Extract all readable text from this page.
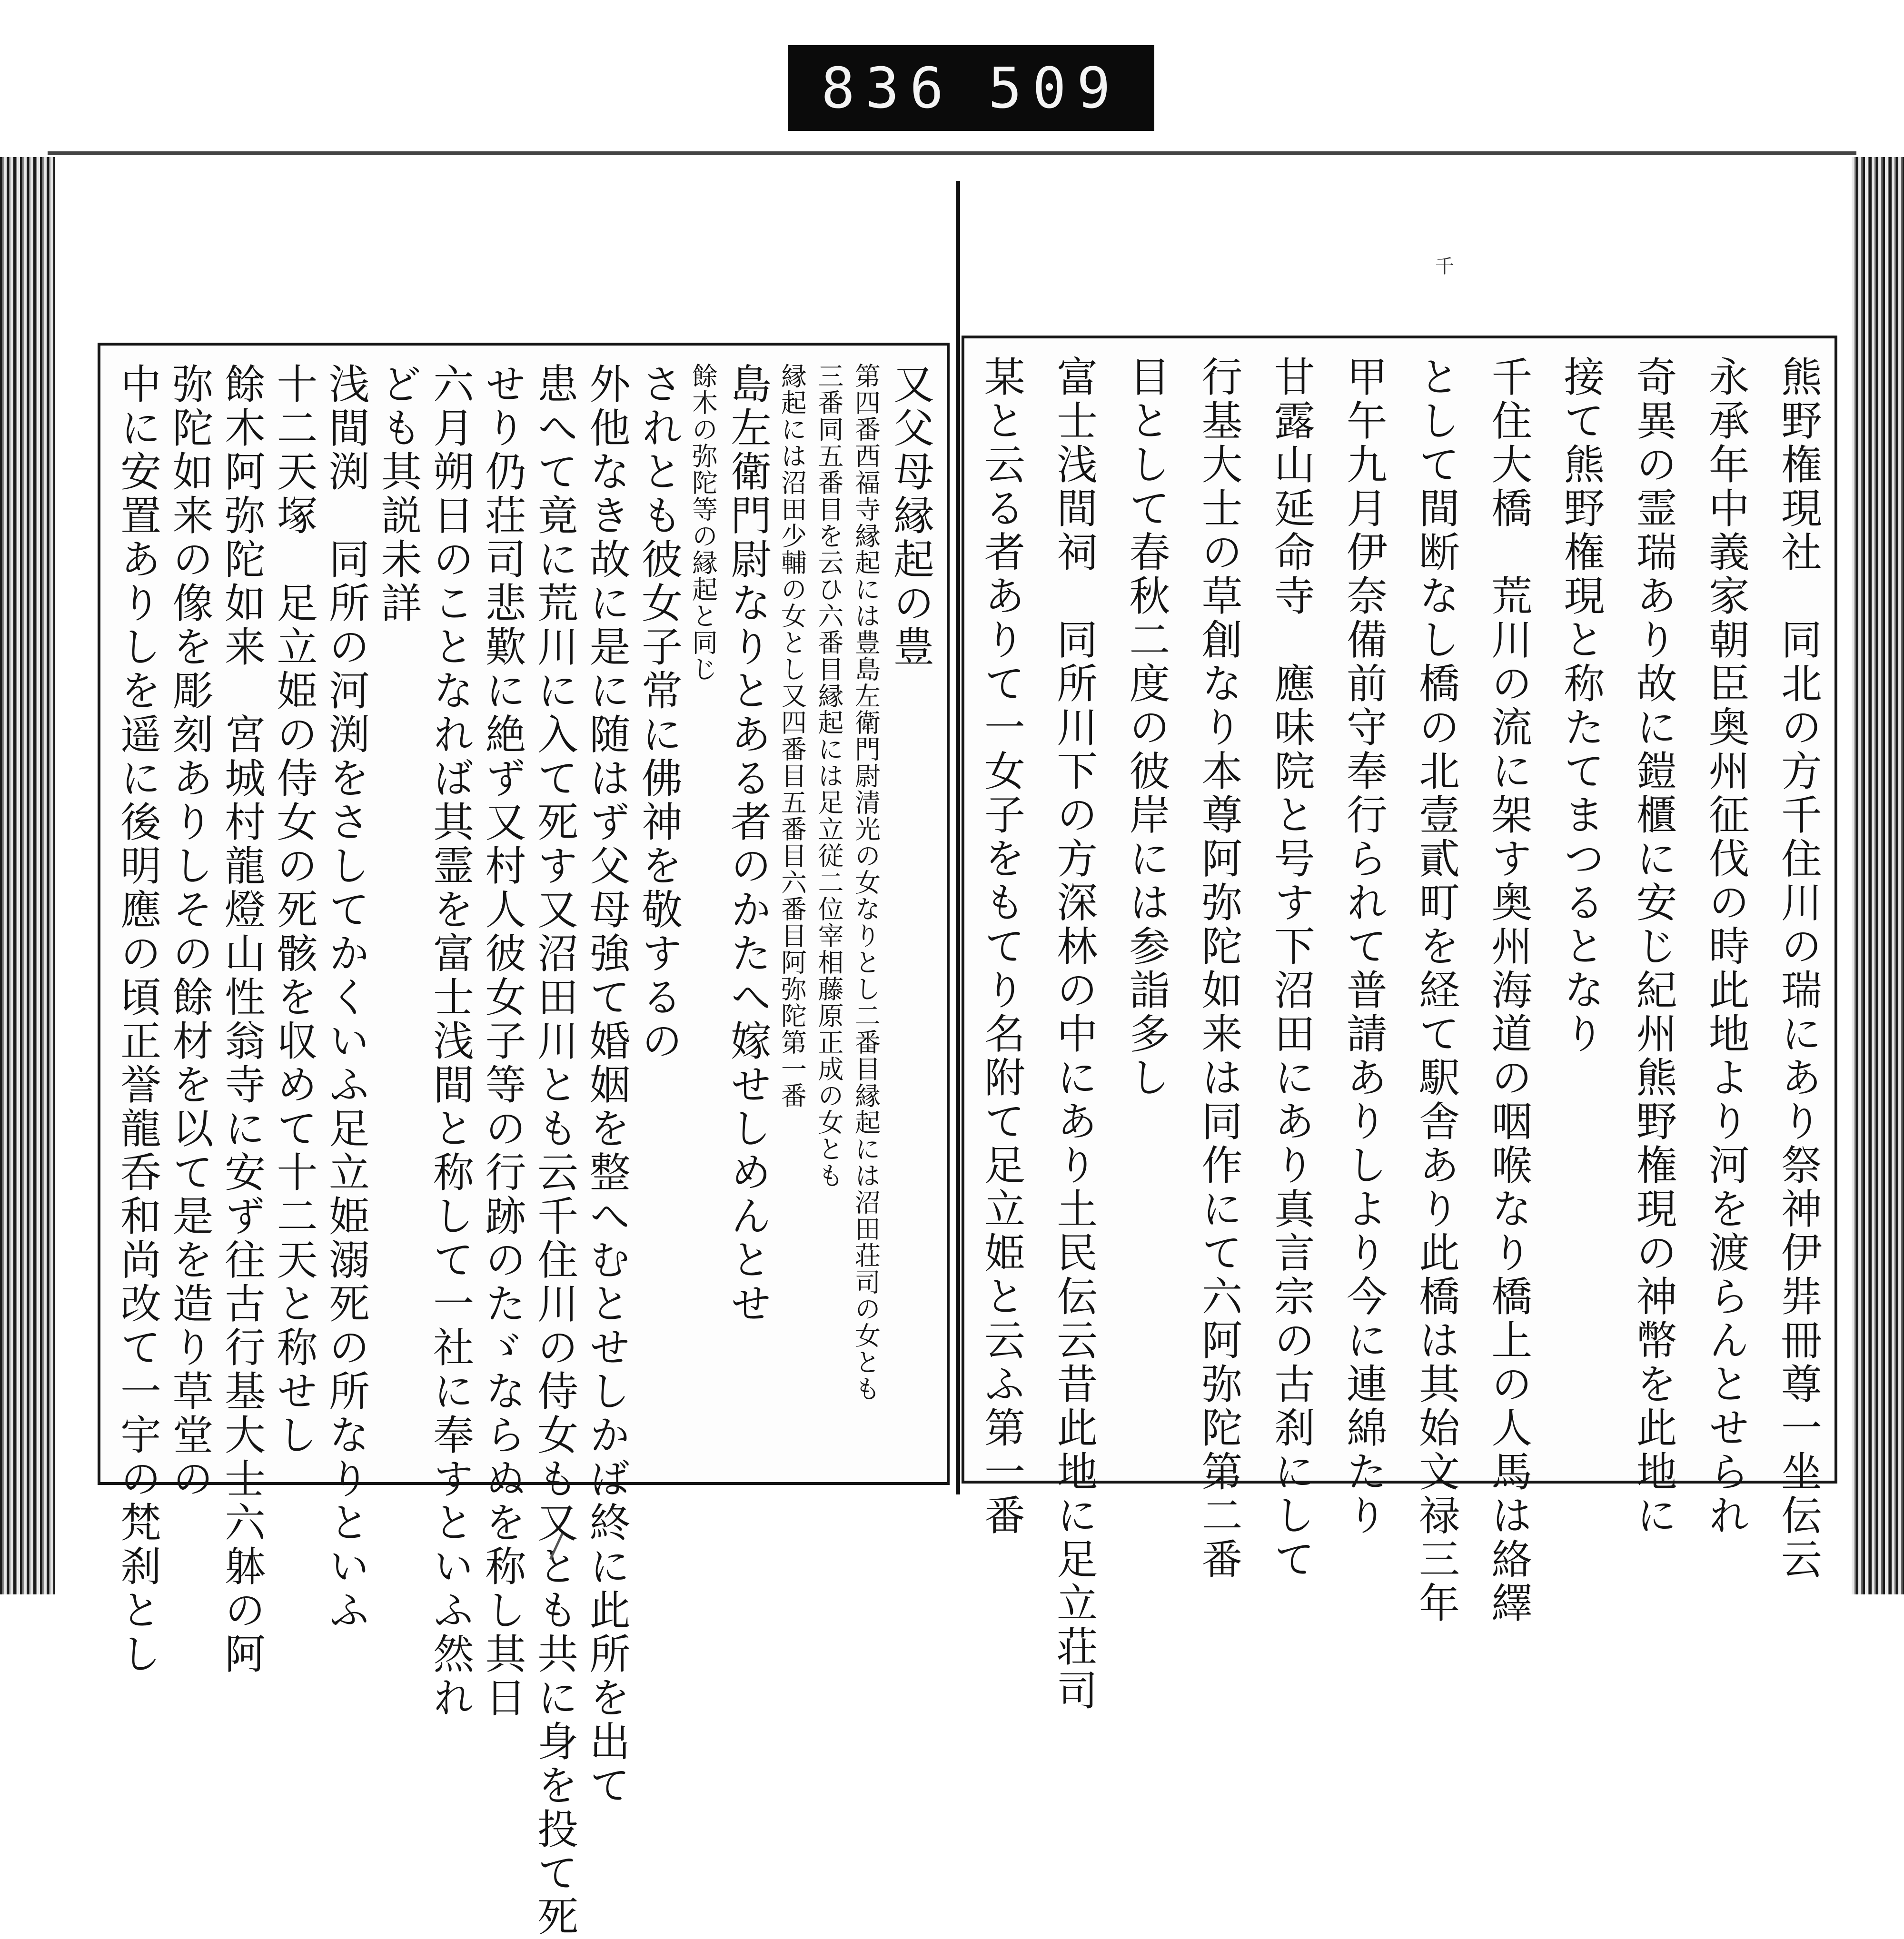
836 509
千
又父母縁起の豊
第四番西福寺縁起には豊島左衛門尉清光の女なりとし二番目縁起には沼田荘司の女とも
三番同五番目を云ひ六番目縁起には足立従二位宰相藤原正成の女とも
縁起には沼田少輔の女とし又四番目五番目六番目阿弥陀第一番
島左衛門尉なりとある者のかたへ嫁せしめんとせ
餘木の弥陀等の縁起と同じ
されとも彼女子常に佛神を敬するの
外他なき故に是に随はず父母強て婚姻を整へむとせしかば終に此所を出て
患へて竟に荒川に入て死す又沼田川とも云千住川の侍女も又とも共に身を投て死
せり仍荘司悲歎に絶ず又村人彼女子等の行跡のたゞならぬを称し其日
六月朔日のことなれば其霊を富士浅間と称して一社に奉すといふ然れ
ども其説未詳
浅間渕　同所の河渕をさしてかくいふ足立姫溺死の所なりといふ
十二天塚　足立姫の侍女の死骸を収めて十二天と称せし
餘木阿弥陀如来　宮城村龍燈山性翁寺に安ず往古行基大士六躰の阿
弥陀如来の像を彫刻ありしその餘材を以て是を造り草堂の
中に安置ありしを遥に後明應の頃正誉龍呑和尚改て一宇の梵刹とし	熊野権現社　同北の方千住川の瑞にあり祭神伊弉冊尊一坐伝云
永承年中義家朝臣奥州征伐の時此地より河を渡らんとせられ
奇異の霊瑞あり故に鎧櫃に安じ紀州熊野権現の神幣を此地に
接て熊野権現と称たてまつるとなり
千住大橋　荒川の流に架す奥州海道の咽喉なり橋上の人馬は絡繹
として間断なし橋の北壹貳町を経て駅舎あり此橋は其始文禄三年
甲午九月伊奈備前守奉行られて普請ありしより今に連綿たり
甘露山延命寺　應味院と号す下沼田にあり真言宗の古刹にして
行基大士の草創なり本尊阿弥陀如来は同作にて六阿弥陀第二番
目として春秋二度の彼岸には参詣多し
富士浅間祠　同所川下の方深林の中にあり土民伝云昔此地に足立荘司
某と云る者ありて一女子をもてり名附て足立姫と云ふ第一番
